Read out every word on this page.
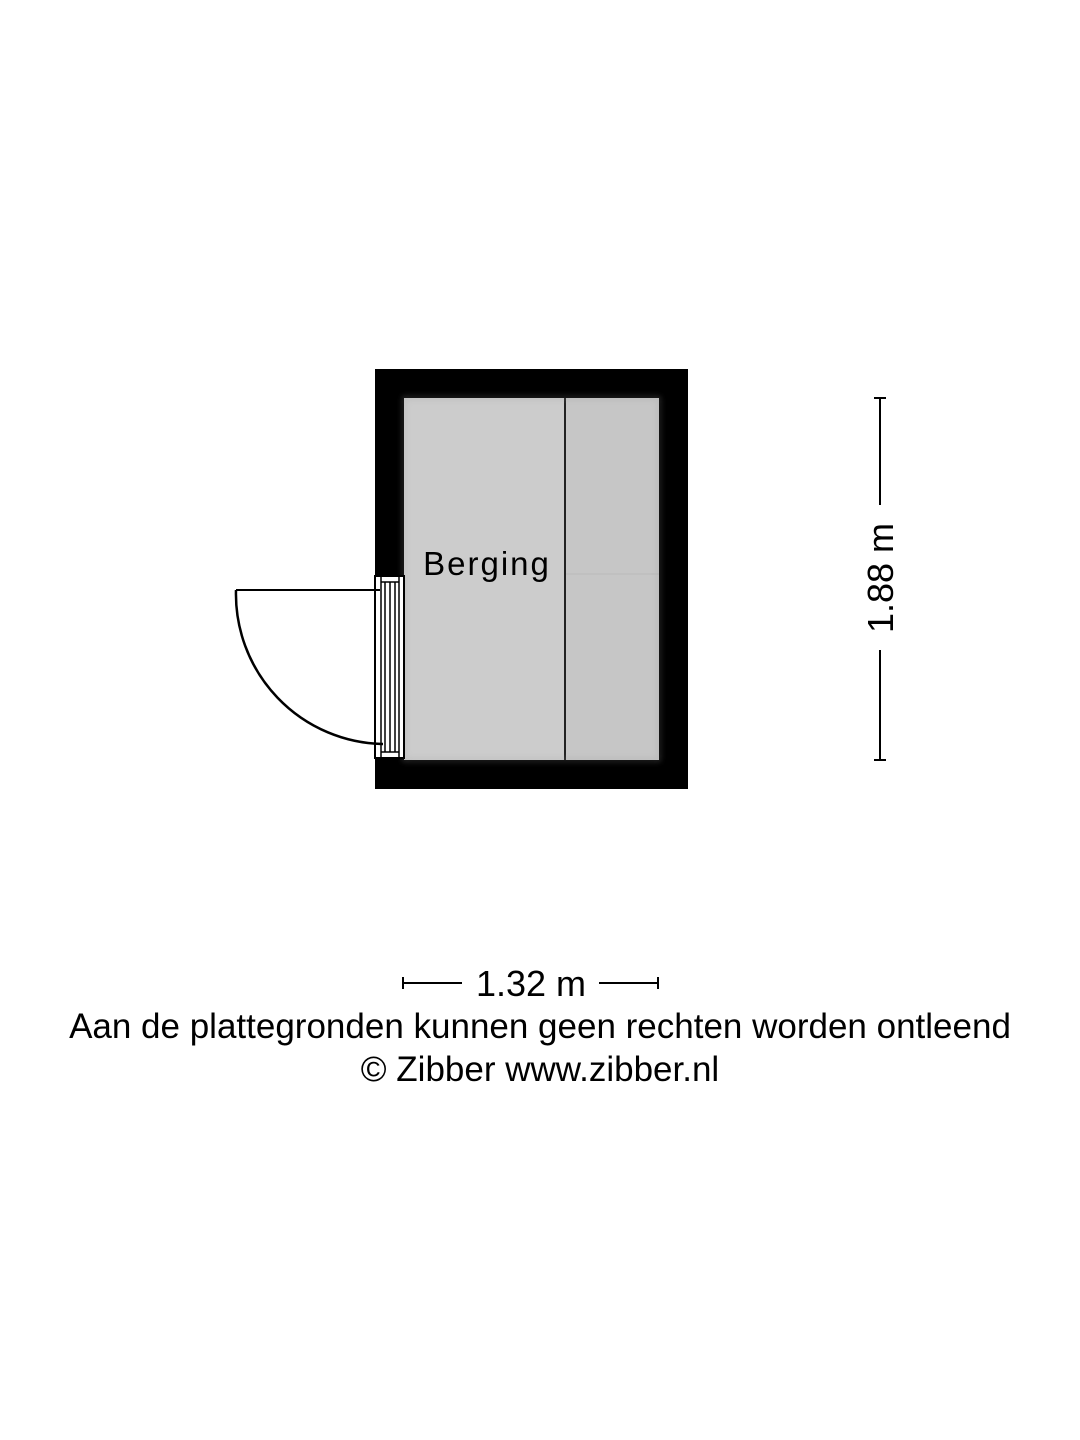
Berging	1.88 m
1.32 m
Aan de plattegronden kunnen geen rechten worden ontleend
© Zibber www.zibber.nl
